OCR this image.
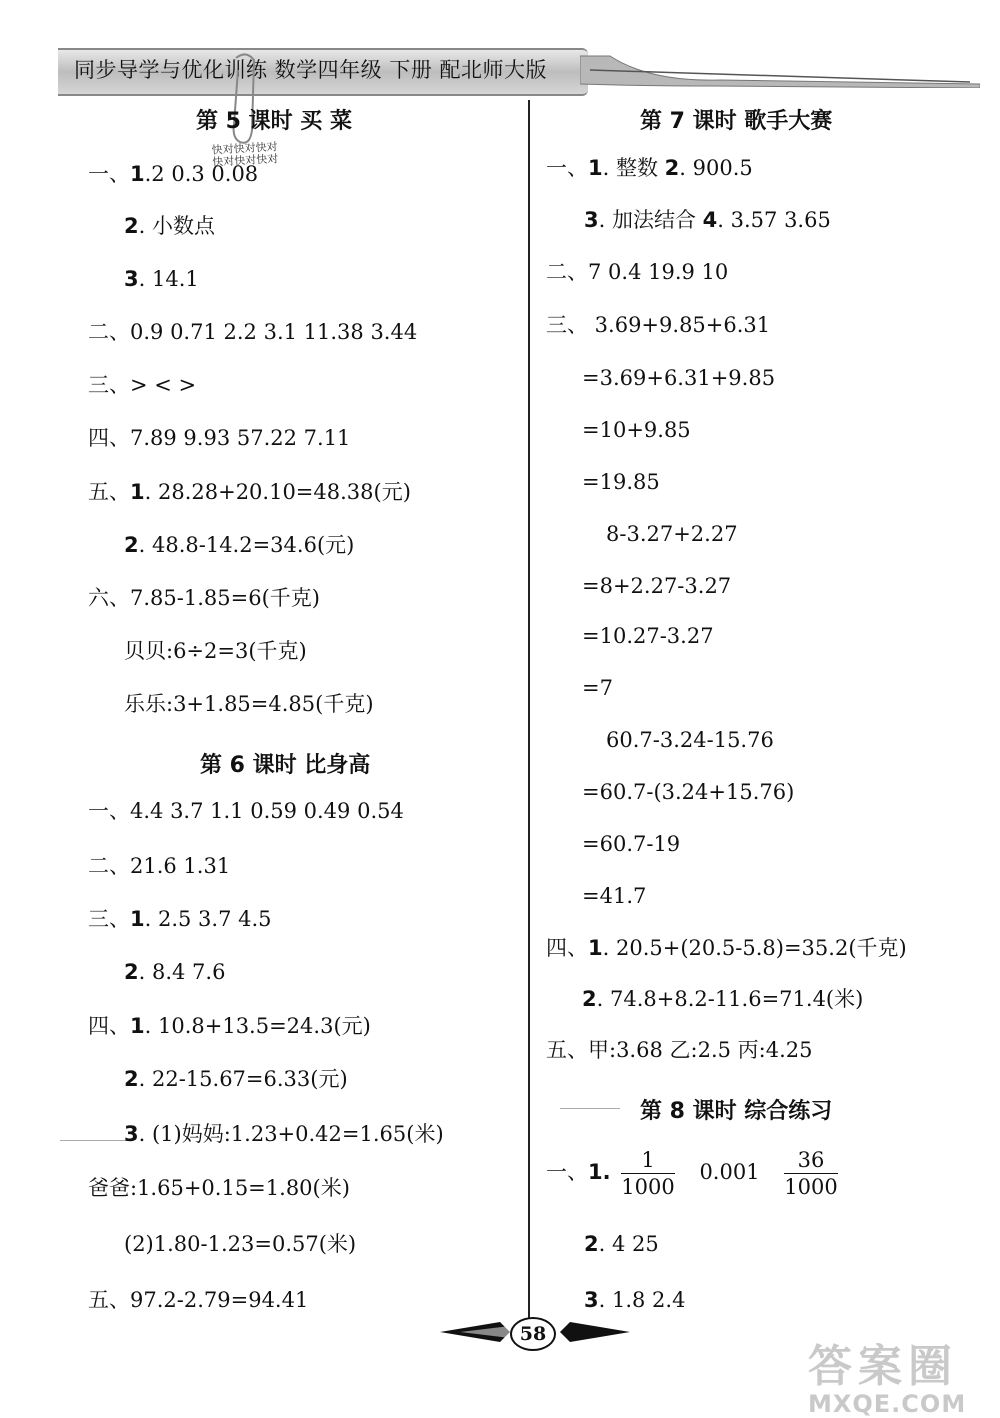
同步导学与优化训练 数学四年级 下册 配北师大版
快对快对快对
快对快对快对
第 5 课时 买 菜
一、1.2 0.3 0.08
2. 小数点
3. 14.1
二、0.9 0.71 2.2 3.1 11.38 3.44
三、> < >
四、7.89 9.93 57.22 7.11
五、1. 28.28+20.10=48.38(元)
2. 48.8-14.2=34.6(元)
六、7.85-1.85=6(千克)
贝贝:6÷2=3(千克)
乐乐:3+1.85=4.85(千克)
第 6 课时 比身高
一、4.4 3.7 1.1 0.59 0.49 0.54
二、21.6 1.31
三、1. 2.5 3.7 4.5
2. 8.4 7.6
四、1. 10.8+13.5=24.3(元)
2. 22-15.67=6.33(元)
3. (1)妈妈:1.23+0.42=1.65(米)
爸爸:1.65+0.15=1.80(米)
(2)1.80-1.23=0.57(米)
五、97.2-2.79=94.41
第 7 课时 歌手大赛
一、1. 整数 2. 900.5
3. 加法结合 4. 3.57 3.65
二、7 0.4 19.9 10
三、 3.69+9.85+6.31
=3.69+6.31+9.85
=10+9.85
=19.85
8-3.27+2.27
=8+2.27-3.27
=10.27-3.27
=7
60.7-3.24-15.76
=60.7-(3.24+15.76)
=60.7-19
=41.7
四、1. 20.5+(20.5-5.8)=35.2(千克)
2. 74.8+8.2-11.6=71.4(米)
五、甲:3.68 乙:2.5 丙:4.25
第 8 课时 综合练习
一、1. $\frac{1}{1000} 0.001 \frac{36}{1000}$
2. 4 25
3. 1.8 2.4
58
答案圈
MXQE.COM
